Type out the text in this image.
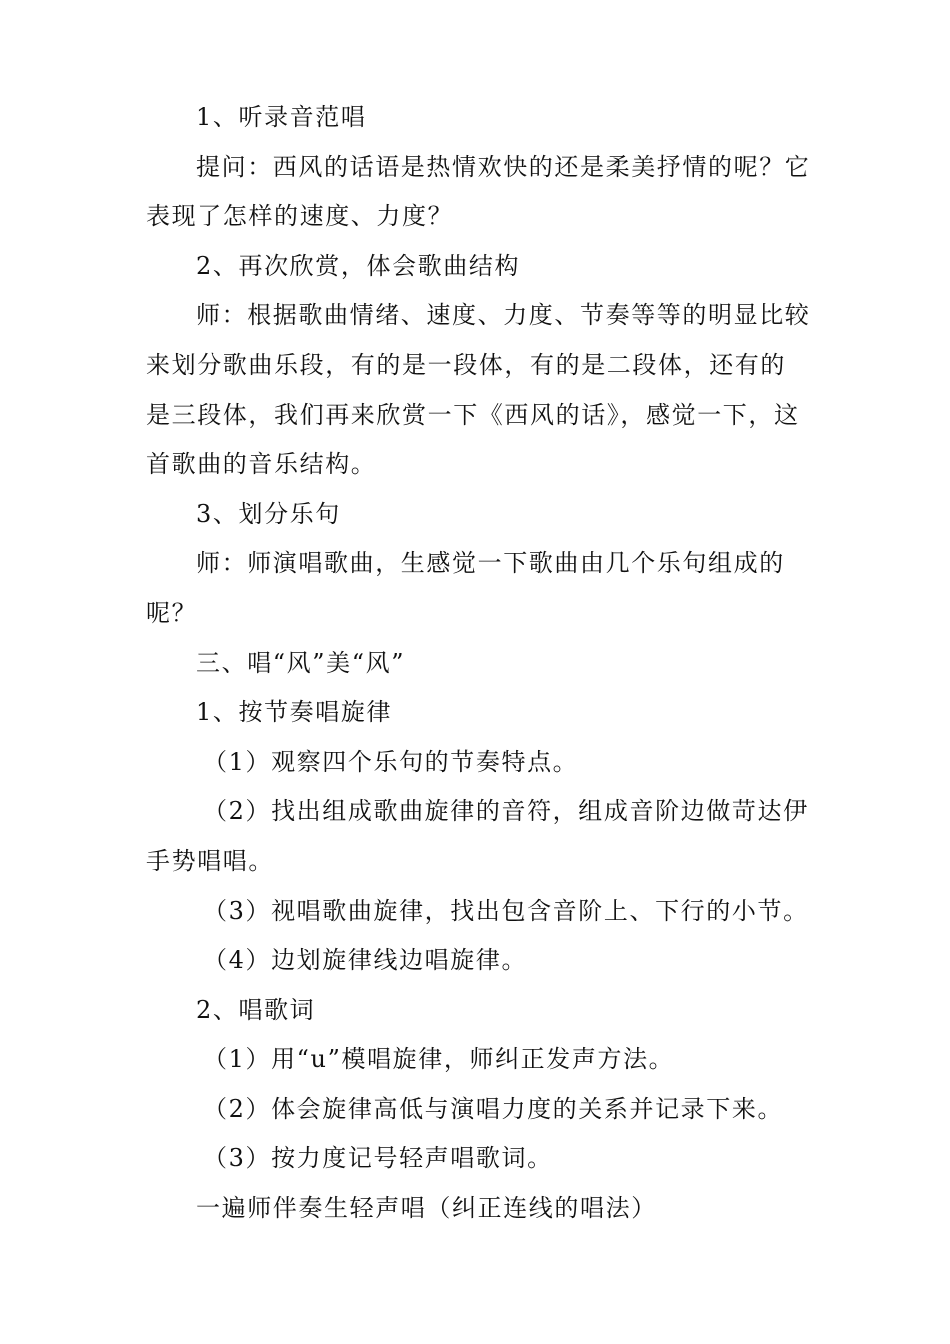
1、听录音范唱

提问：西风的话语是热情欢快的还是柔美抒情的呢？它表现了怎样的速度、力度？

2、再次欣赏，体会歌曲结构

师：根据歌曲情绪、速度、力度、节奏等等的明显比较来划分歌曲乐段，有的是一段体，有的是二段体，还有的是三段体，我们再来欣赏一下《西风的话》，感觉一下，这首歌曲的音乐结构。

3、划分乐句

师：师演唱歌曲，生感觉一下歌曲由几个乐句组成的呢？

三、唱“风”美“风”

1、按节奏唱旋律

（1）观察四个乐句的节奏特点。

（2）找出组成歌曲旋律的音符，组成音阶边做苛达伊手势唱唱。

（3）视唱歌曲旋律，找出包含音阶上、下行的小节。

（4）边划旋律线边唱旋律。

2、唱歌词

（1）用“u”模唱旋律，师纠正发声方法。

（2）体会旋律高低与演唱力度的关系并记录下来。

（3）按力度记号轻声唱歌词。

一遍师伴奏生轻声唱（纠正连线的唱法）
